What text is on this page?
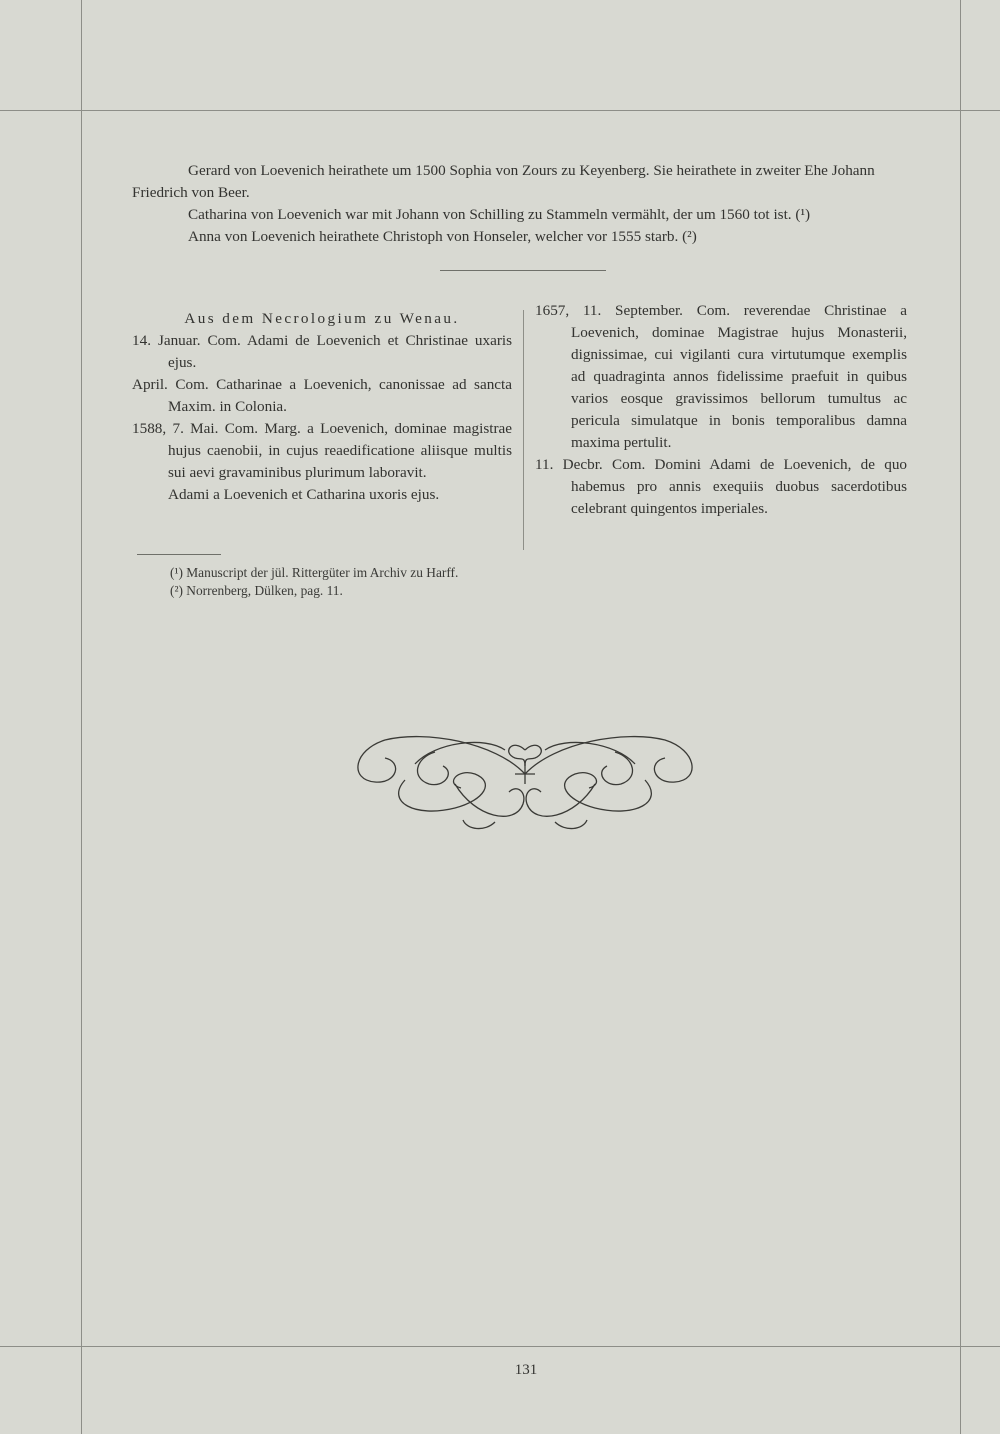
Gerard von Loevenich heirathete um 1500 Sophia von Zours zu Keyenberg. Sie heirathete in zweiter Ehe Johann Friedrich von Beer.

Catharina von Loevenich war mit Johann von Schilling zu Stammeln vermählt, der um 1560 tot ist. (¹)

Anna von Loevenich heirathete Christoph von Honseler, welcher vor 1555 starb. (²)

Aus dem Necrologium zu Wenau.

14. Januar. Com. Adami de Loevenich et Christinae uxaris ejus.

April. Com. Catharinae a Loevenich, canonissae ad sancta Maxim. in Colonia.

1588, 7. Mai. Com. Marg. a Loevenich, dominae magistrae hujus caenobii, in cujus reaedificatione aliisque multis sui aevi gravaminibus plurimum laboravit.

Adami a Loevenich et Catharina uxoris ejus.

1657, 11. September. Com. reverendae Christinae a Loevenich, dominae Magistrae hujus Monasterii, dignissimae, cui vigilanti cura virtutumque exemplis ad quadraginta annos fidelissime praefuit in quibus varios eosque gravissimos bellorum tumultus ac pericula simulatque in bonis temporalibus damna maxima pertulit.

11. Decbr. Com. Domini Adami de Loevenich, de quo habemus pro annis exequiis duobus sacerdotibus celebrant quingentos imperiales.

(¹) Manuscript der jül. Rittergüter im Archiv zu Harff.

(²) Norrenberg, Dülken, pag. 11.

131
